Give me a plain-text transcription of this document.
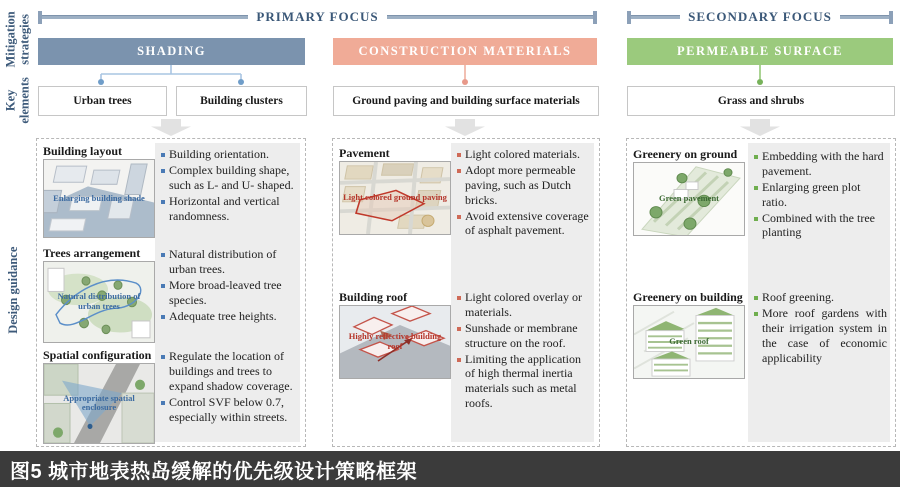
Mitigation strategies
Key elements
Design guidance
PRIMARY FOCUS	SECONDARY FOCUS
SHADING	CONSTRUCTION MATERIALS	PERMEABLE SURFACE
Urban trees	Building clusters	Ground paving and building surface materials	Grass and shrubs
Building orientation.
Complex building shape, such as L- and U- shaped.
Horizontal and vertical randomness.
Natural distribution of urban trees.
More broad-leaved tree species.
Adequate tree heights.
Regulate the location of buildings and trees to expand shadow coverage.
Control SVF below 0.7, especially within streets.
Building layout
Enlarging building shade
Trees arrangement
Natural distribution of urban trees
Spatial configuration
Appropriate spatial enclosure
Light colored materials.
Adopt more permeable paving, such as Dutch bricks.
Avoid extensive coverage of asphalt pavement.
Light colored overlay or materials.
Sunshade or membrane structure on the roof.
Limiting the application of high thermal inertia materials such as metal roofs.
Pavement
Light colored ground paving
Building roof
Highly reflective building roof
Embedding with the hard pavement.
Enlarging green plot ratio.
Combined with the tree planting
Roof greening.
More roof gardens with their irrigation system in the case of economic applicability
Greenery on ground
Green pavement
Greenery on building
Green roof
图5 城市地表热岛缓解的优先级设计策略框架
